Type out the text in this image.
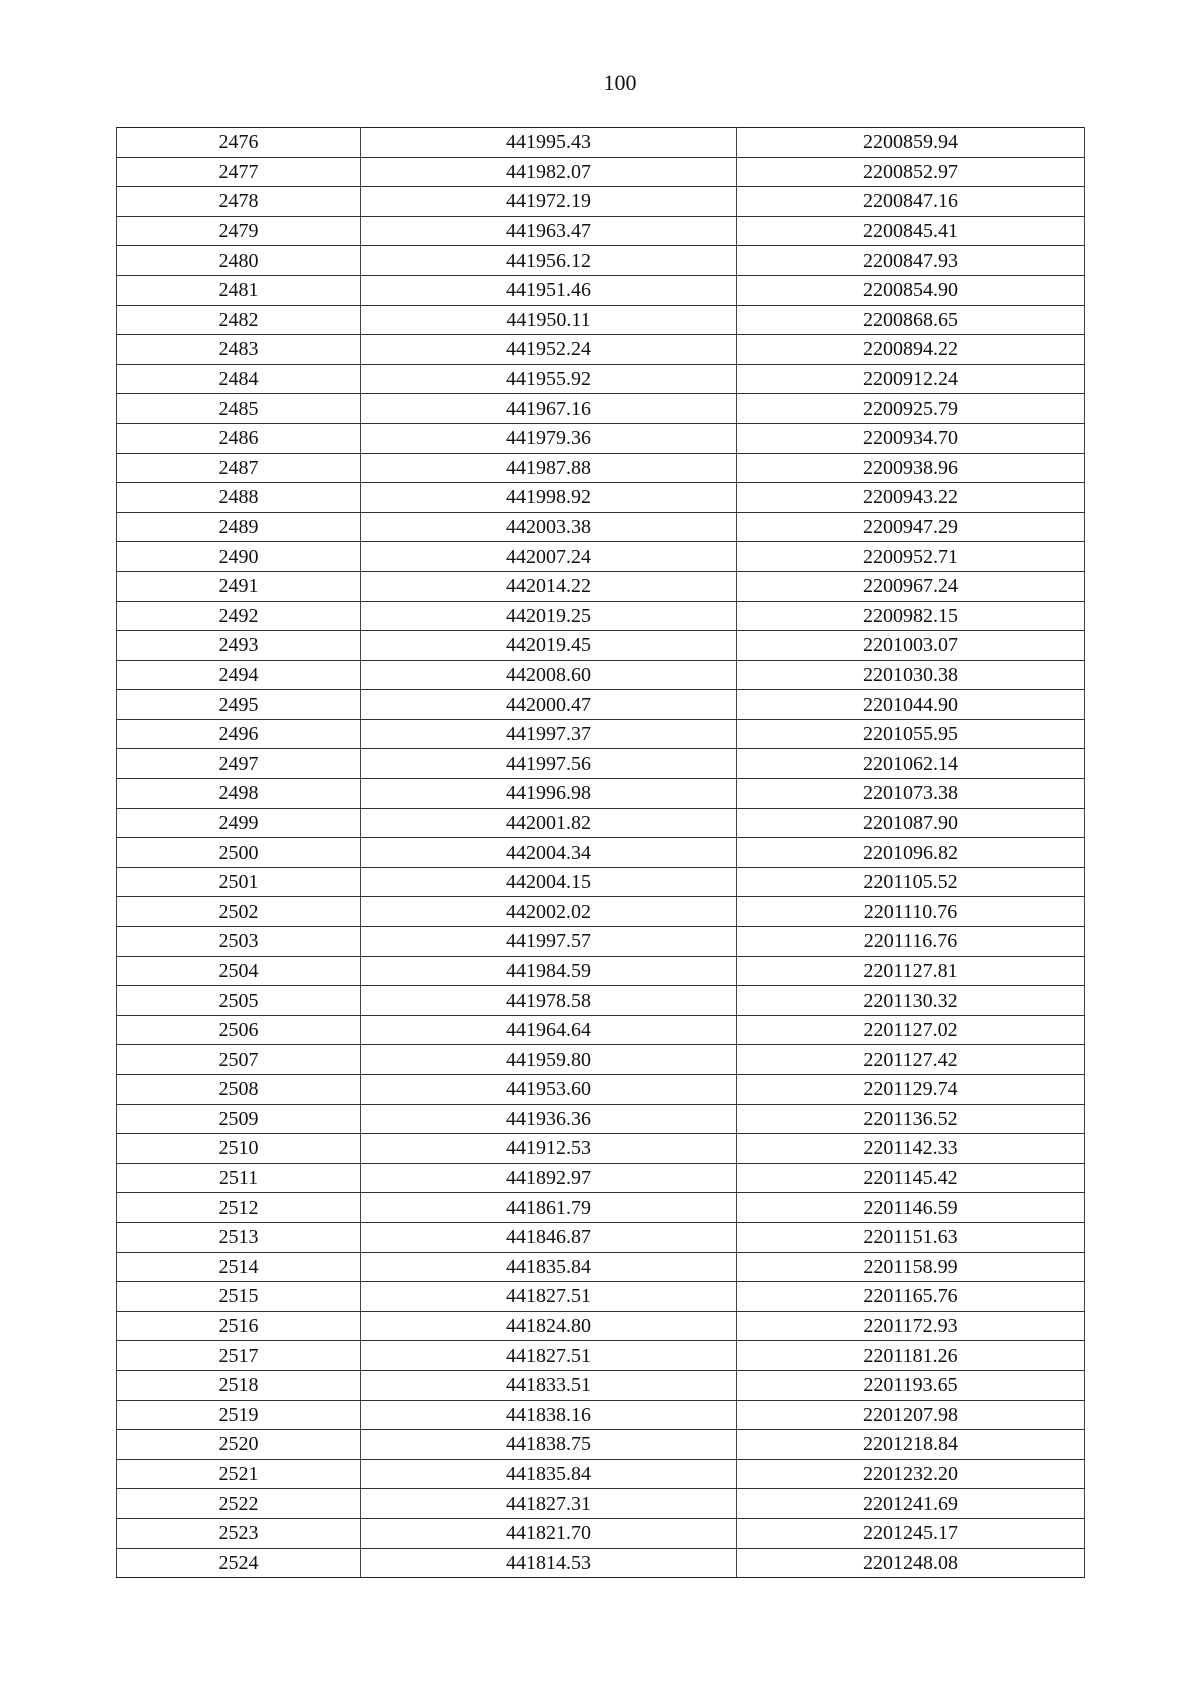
100
2476	441995.43	2200859.94
2477	441982.07	2200852.97
2478	441972.19	2200847.16
2479	441963.47	2200845.41
2480	441956.12	2200847.93
2481	441951.46	2200854.90
2482	441950.11	2200868.65
2483	441952.24	2200894.22
2484	441955.92	2200912.24
2485	441967.16	2200925.79
2486	441979.36	2200934.70
2487	441987.88	2200938.96
2488	441998.92	2200943.22
2489	442003.38	2200947.29
2490	442007.24	2200952.71
2491	442014.22	2200967.24
2492	442019.25	2200982.15
2493	442019.45	2201003.07
2494	442008.60	2201030.38
2495	442000.47	2201044.90
2496	441997.37	2201055.95
2497	441997.56	2201062.14
2498	441996.98	2201073.38
2499	442001.82	2201087.90
2500	442004.34	2201096.82
2501	442004.15	2201105.52
2502	442002.02	2201110.76
2503	441997.57	2201116.76
2504	441984.59	2201127.81
2505	441978.58	2201130.32
2506	441964.64	2201127.02
2507	441959.80	2201127.42
2508	441953.60	2201129.74
2509	441936.36	2201136.52
2510	441912.53	2201142.33
2511	441892.97	2201145.42
2512	441861.79	2201146.59
2513	441846.87	2201151.63
2514	441835.84	2201158.99
2515	441827.51	2201165.76
2516	441824.80	2201172.93
2517	441827.51	2201181.26
2518	441833.51	2201193.65
2519	441838.16	2201207.98
2520	441838.75	2201218.84
2521	441835.84	2201232.20
2522	441827.31	2201241.69
2523	441821.70	2201245.17
2524	441814.53	2201248.08
